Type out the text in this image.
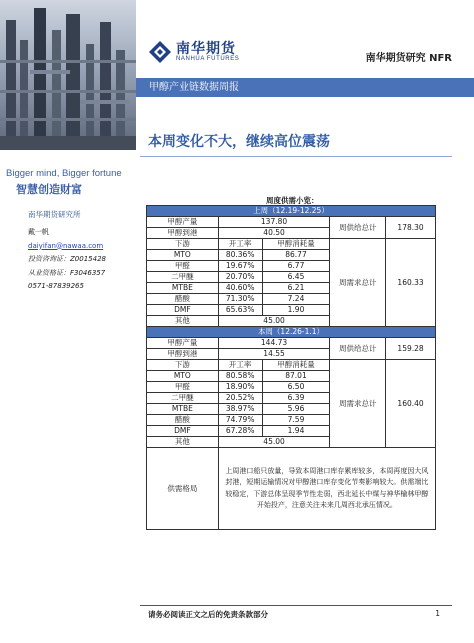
Bigger mind, Bigger fortune
智慧创造财富
南华期货研究所
戴一帆
daiyifan@nawaa.com
投资咨询证：Z0015428
从业资格证：F3046357
0571-87839265
南华期货
NANHUA FUTURES	南华期货研究 NFR
甲醇产业链数据周报
本周变化不大，继续高位震荡
周度供需小览：
上周（12.19-12.25）				
甲醇产量	137.80		周供给总计	178.30
甲醇到港	40.50			
下游	开工率	甲醇消耗量	周需求总计	160.33
MTO	80.36%	86.77		
甲醛	19.67%	6.77		
二甲醚	20.70%	6.45		
MTBE	40.60%	6.21		
醋酸	71.30%	7.24		
DMF	65.63%	1.90		
其他	45.00			
本周（12.26-1.1）				
甲醇产量	144.73		周供给总计	159.28
甲醇到港	14.55			
下游	开工率	甲醇消耗量	周需求总计	160.40
MTO	80.58%	87.01		
甲醛	18.90%	6.50		
二甲醚	20.52%	6.39		
MTBE	38.97%	5.96		
醋酸	74.79%	7.59		
DMF	67.28%	1.94		
其他	45.00			
供需格局	上周港口船只放量，导致本周港口库存累库较多，本周再度因大风封港，短期运输情况对甲醇港口库存变化节奏影响较大。供需端比较稳定，下游总体呈现季节性走弱，西北延长中煤与神华榆林甲醇开始投产，注意关注未来几周西北承压情况。			
请务必阅读正文之后的免责条款部分	1
